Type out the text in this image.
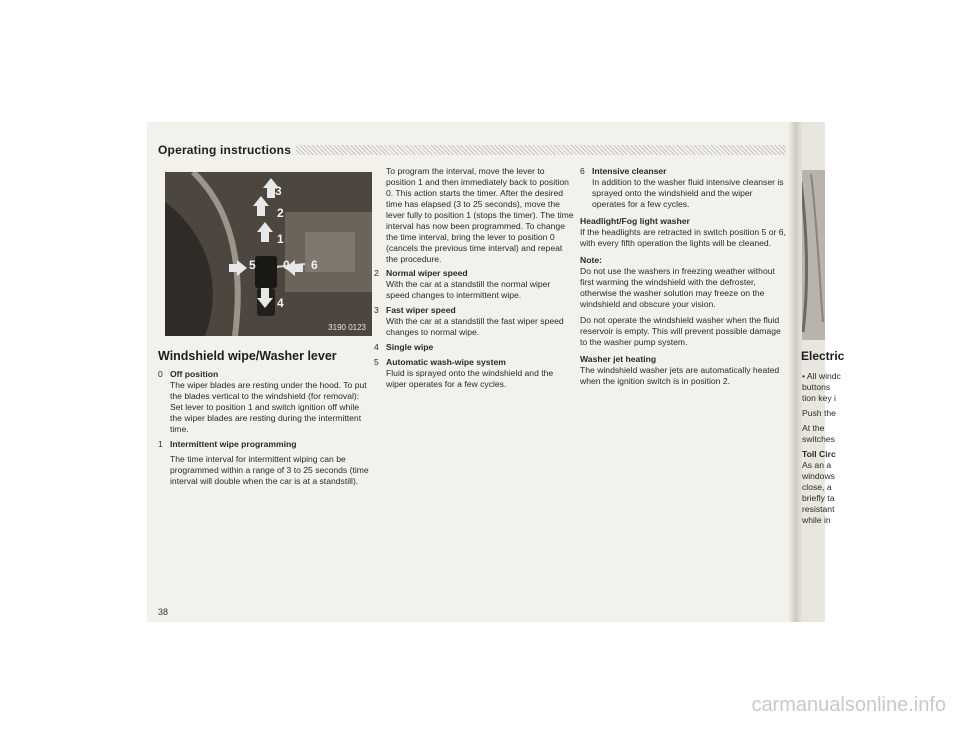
Operating instructions
3
2
1
5 0 6
4
3190 0123
Windshield wipe/Washer lever
0 Off position
The wiper blades are resting under the hood. To put the blades vertical to the windshield (for removal): Set lever to position 1 and switch ignition off while the wiper blades are resting during the intermittent time.
1 Intermittent wipe programming
The time interval for intermittent wiping can be programmed within a range of 3 to 25 seconds (time interval will double when the car is at a standstill).

To program the interval, move the lever to position 1 and then immediately back to position 0. This action starts the timer. After the desired time has elapsed (3 to 25 seconds), move the lever fully to position 1 (stops the timer). The time interval has now been programmed. To change the time interval, bring the lever to position 0 (cancels the previous time interval) and repeat the procedure.

2 Normal wiper speed
With the car at a standstill the normal wiper speed changes to intermittent wipe.
3 Fast wiper speed
With the car at a standstill the fast wiper speed changes to normal wipe.
4 Single wipe
5 Automatic wash-wipe system
Fluid is sprayed onto the windshield and the wiper operates for a few cycles.
6 Intensive cleanser
In addition to the washer fluid intensive cleanser is sprayed onto the windshield and the wiper operates for a few cycles.
Headlight/Fog light washer

If the headlights are retracted in switch position 5 or 6, with every fifth operation the lights will be cleaned.

Note:

Do not use the washers in freezing weather without first warming the windshield with the defroster, otherwise the washer solution may freeze on the windshield and obscure your vision.

Do not operate the windshield washer when the fluid reservoir is empty. This will prevent possible damage to the washer pump system.

Washer jet heating

The windshield washer jets are automatically heated when the ignition switch is in position 2.

38
Electric
• All windc
buttons
tion key i
Push the
At the
switches
Toll Circ
As an a
windows
close, a
briefly ta
resistant
while in
carmanualsonline.info
